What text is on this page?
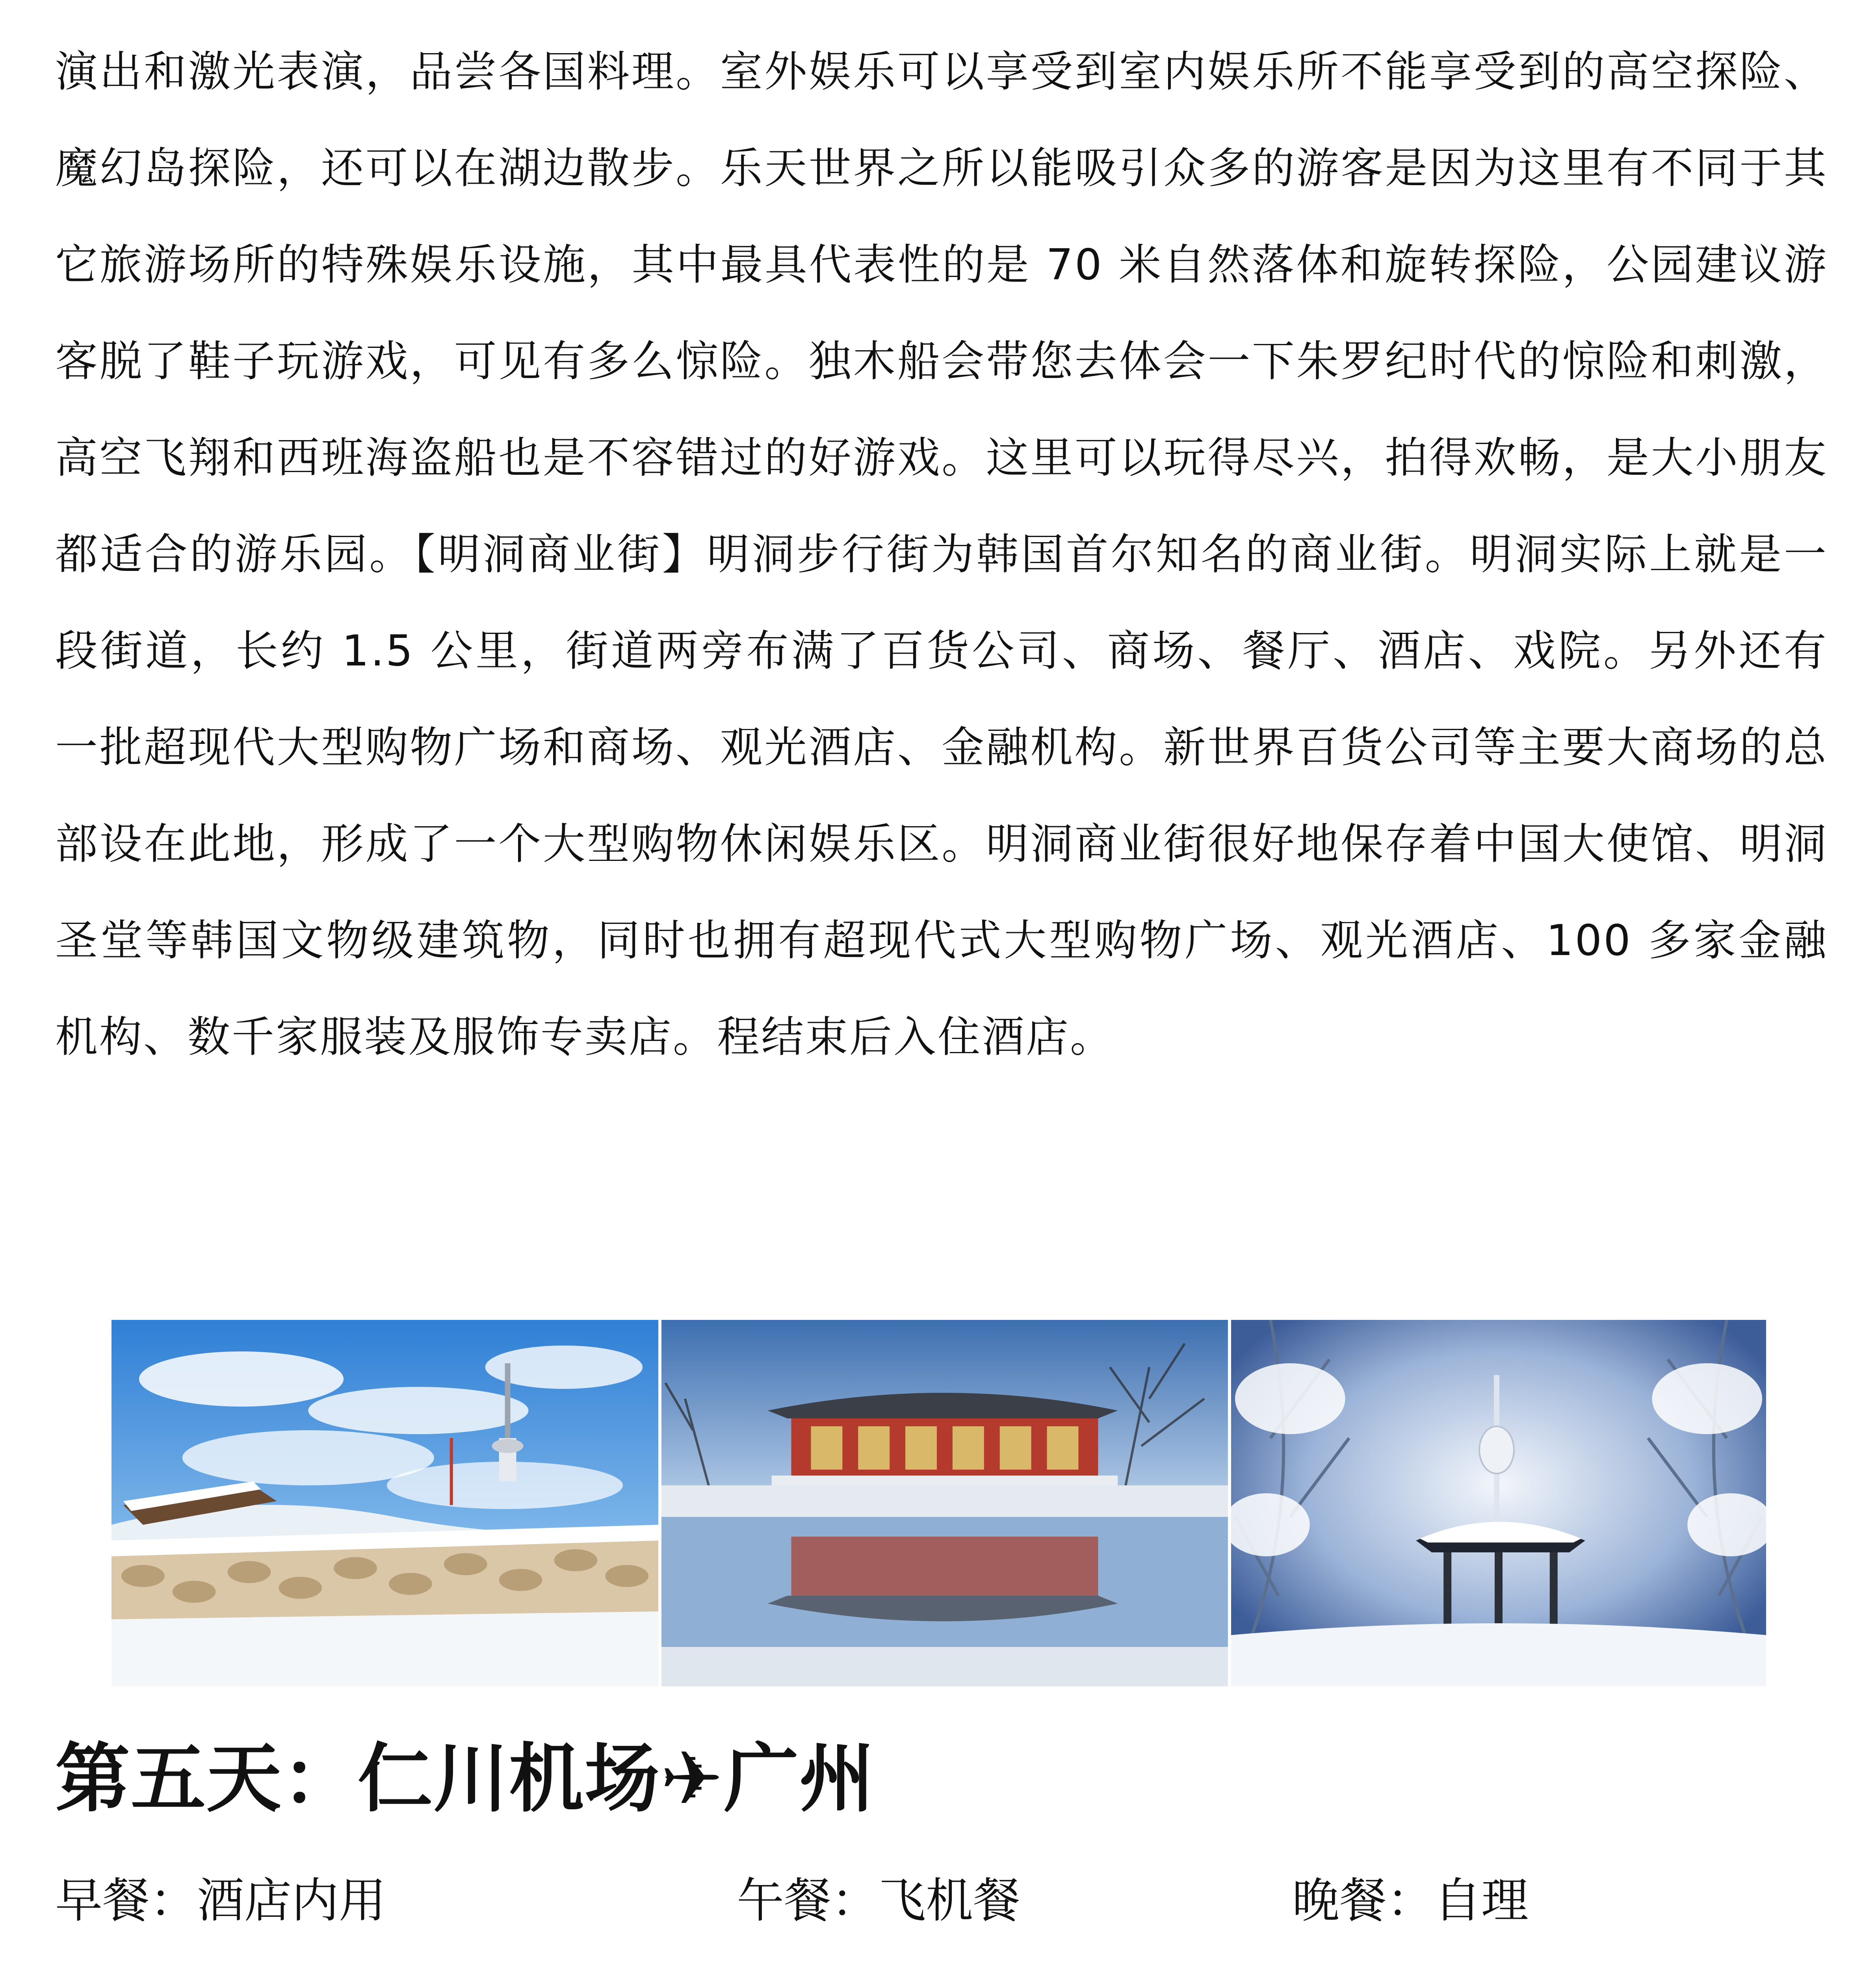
演出和激光表演，品尝各国料理。室外娱乐可以享受到室内娱乐所不能享受到的高空探险、魔幻岛探险，还可以在湖边散步。乐天世界之所以能吸引众多的游客是因为这里有不同于其它旅游场所的特殊娱乐设施，其中最具代表性的是 70 米自然落体和旋转探险，公园建议游客脱了鞋子玩游戏，可见有多么惊险。独木船会带您去体会一下朱罗纪时代的惊险和刺激，高空飞翔和西班海盗船也是不容错过的好游戏。这里可以玩得尽兴，拍得欢畅，是大小朋友都适合的游乐园。【明洞商业街】明洞步行街为韩国首尔知名的商业街。明洞实际上就是一段街道，长约 1.5 公里，街道两旁布满了百货公司、商场、餐厅、酒店、戏院。另外还有一批超现代大型购物广场和商场、观光酒店、金融机构。新世界百货公司等主要大商场的总部设在此地，形成了一个大型购物休闲娱乐区。明洞商业街很好地保存着中国大使馆、明洞圣堂等韩国文物级建筑物，同时也拥有超现代式大型购物广场、观光酒店、100 多家金融机构、数千家服装及服饰专卖店。程结束后入住酒店。

第五天：仁川机场✈广州
早餐：酒店内用	午餐：飞机餐	晚餐：自理
